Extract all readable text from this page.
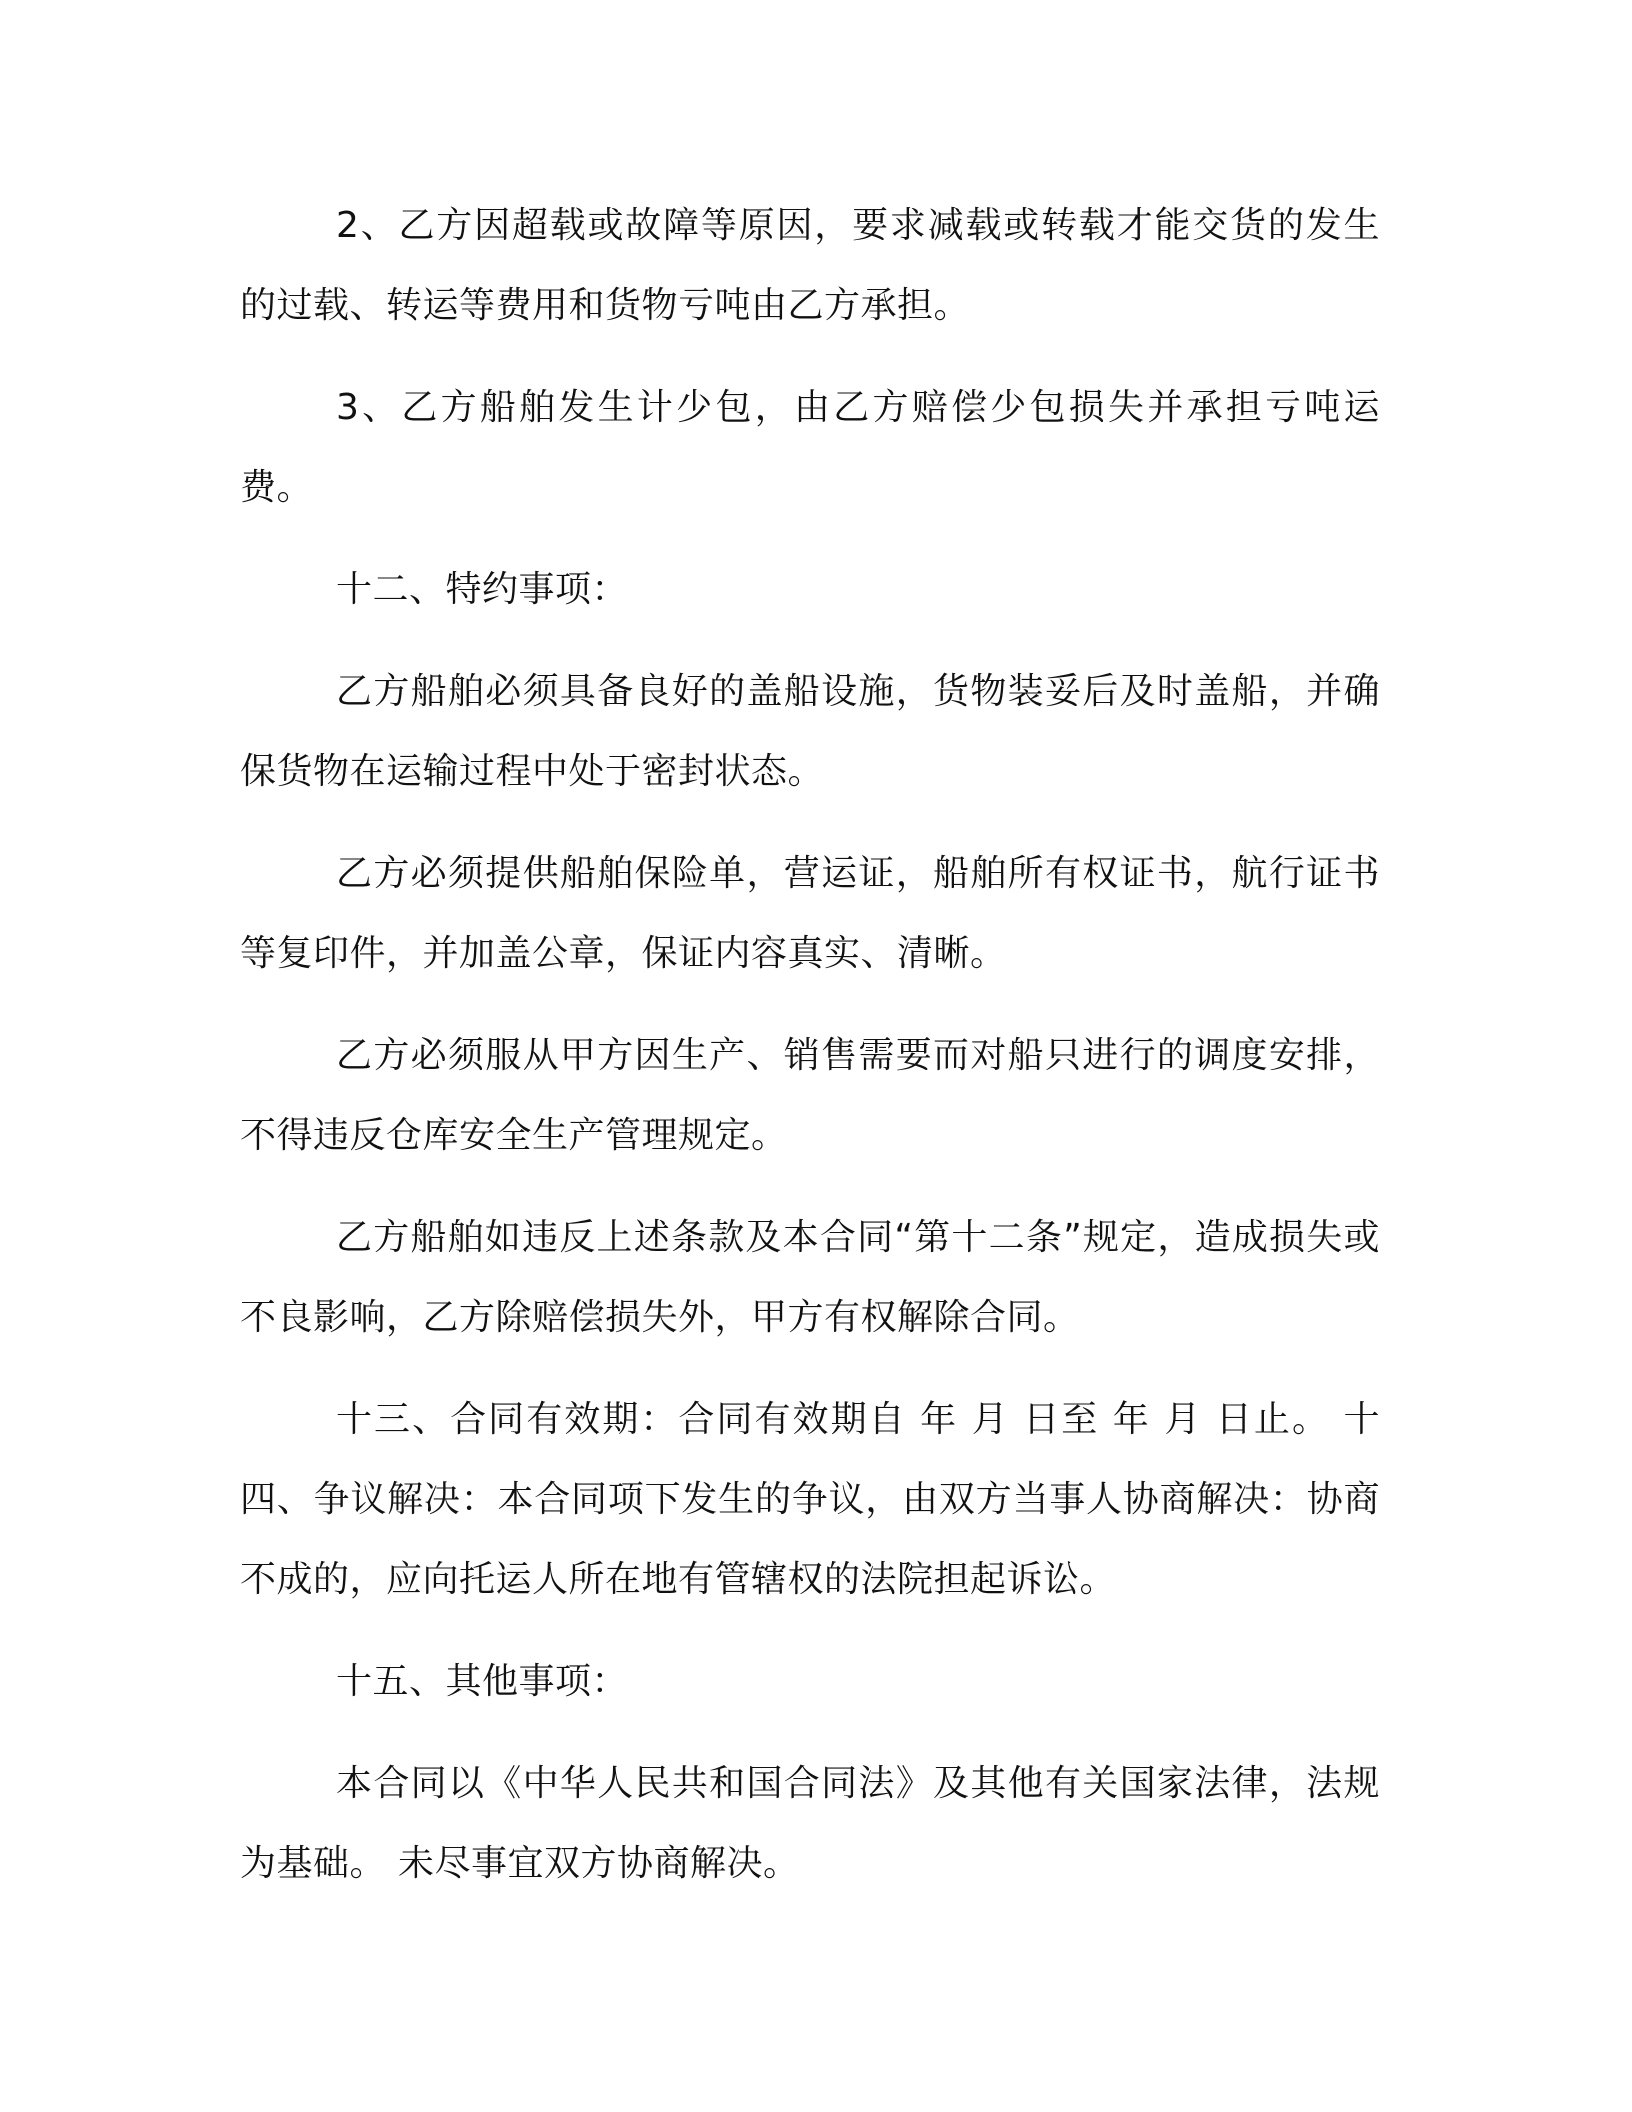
2、乙方因超载或故障等原因，要求减载或转载才能交货的发生的过载、转运等费用和货物亏吨由乙方承担。

3、乙方船舶发生计少包，由乙方赔偿少包损失并承担亏吨运费。

十二、特约事项：

乙方船舶必须具备良好的盖船设施，货物装妥后及时盖船，并确保货物在运输过程中处于密封状态。

乙方必须提供船舶保险单，营运证，船舶所有权证书，航行证书等复印件，并加盖公章，保证内容真实、清晰。

乙方必须服从甲方因生产、销售需要而对船只进行的调度安排，不得违反仓库安全生产管理规定。

乙方船舶如违反上述条款及本合同“第十二条”规定，造成损失或不良影响，乙方除赔偿损失外，甲方有权解除合同。

十三、合同有效期：合同有效期自 年 月 日至 年 月 日止。 十四、争议解决：本合同项下发生的争议，由双方当事人协商解决：协商不成的，应向托运人所在地有管辖权的法院担起诉讼。

十五、其他事项：

本合同以《中华人民共和国合同法》及其他有关国家法律，法规为基础。 未尽事宜双方协商解决。
